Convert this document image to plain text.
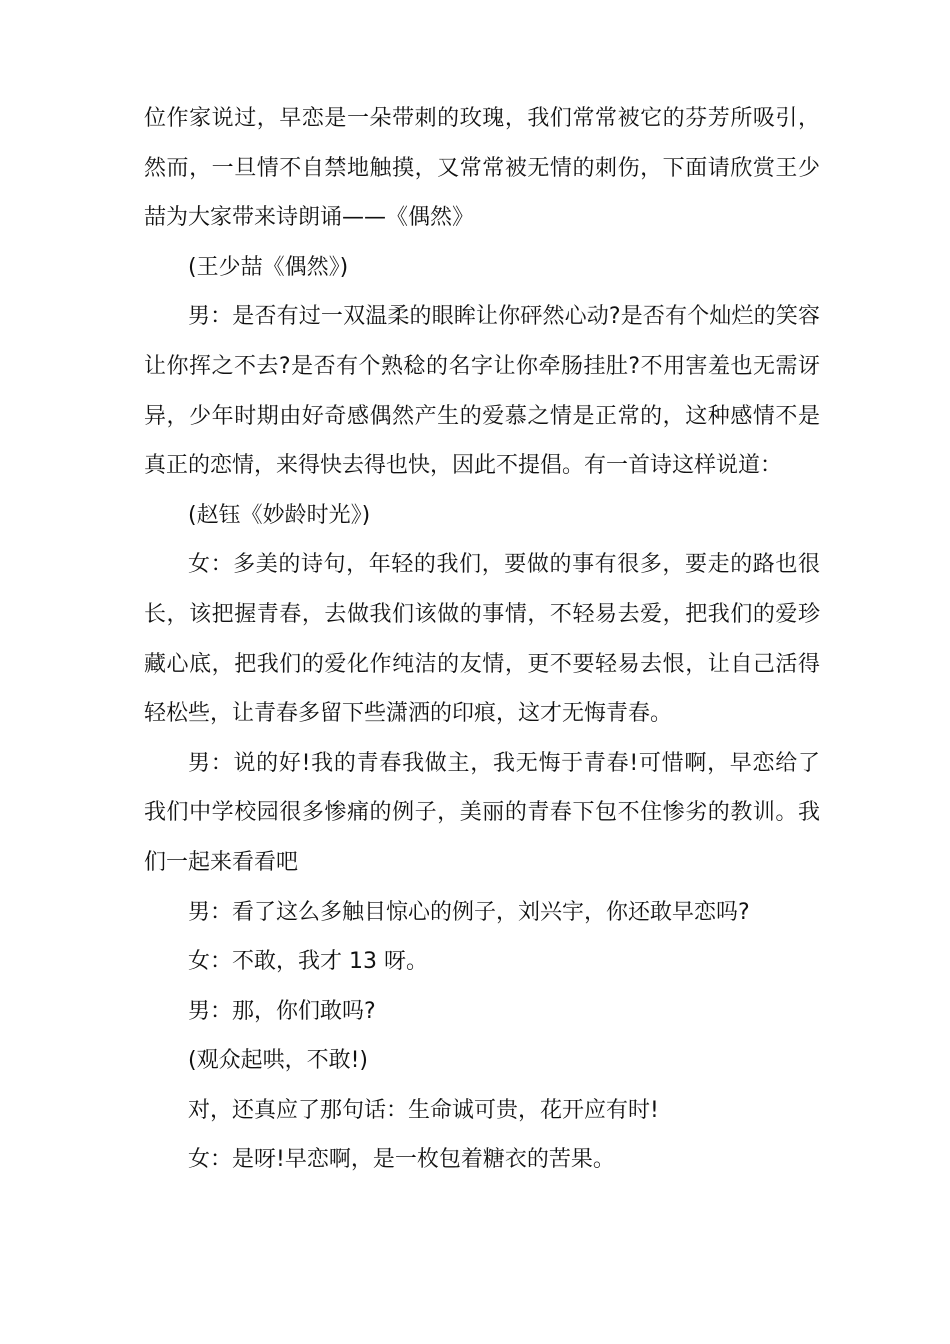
位作家说过，早恋是一朵带刺的玫瑰，我们常常被它的芬芳所吸引，然而，一旦情不自禁地触摸，又常常被无情的刺伤，下面请欣赏王少喆为大家带来诗朗诵——《偶然》

(王少喆《偶然》)

男：是否有过一双温柔的眼眸让你砰然心动?是否有个灿烂的笑容让你挥之不去?是否有个熟稔的名字让你牵肠挂肚?不用害羞也无需讶异，少年时期由好奇感偶然产生的爱慕之情是正常的，这种感情不是真正的恋情，来得快去得也快，因此不提倡。有一首诗这样说道：

(赵钰《妙龄时光》)

女：多美的诗句，年轻的我们，要做的事有很多，要走的路也很长，该把握青春，去做我们该做的事情，不轻易去爱，把我们的爱珍藏心底，把我们的爱化作纯洁的友情，更不要轻易去恨，让自己活得轻松些，让青春多留下些潇洒的印痕，这才无悔青春。

男：说的好!我的青春我做主，我无悔于青春!可惜啊，早恋给了我们中学校园很多惨痛的例子，美丽的青春下包不住惨劣的教训。我们一起来看看吧

男：看了这么多触目惊心的例子，刘兴宇，你还敢早恋吗?

女：不敢，我才 13 呀。

男：那，你们敢吗?

(观众起哄，不敢!)

对，还真应了那句话：生命诚可贵，花开应有时!

女：是呀!早恋啊，是一枚包着糖衣的苦果。
